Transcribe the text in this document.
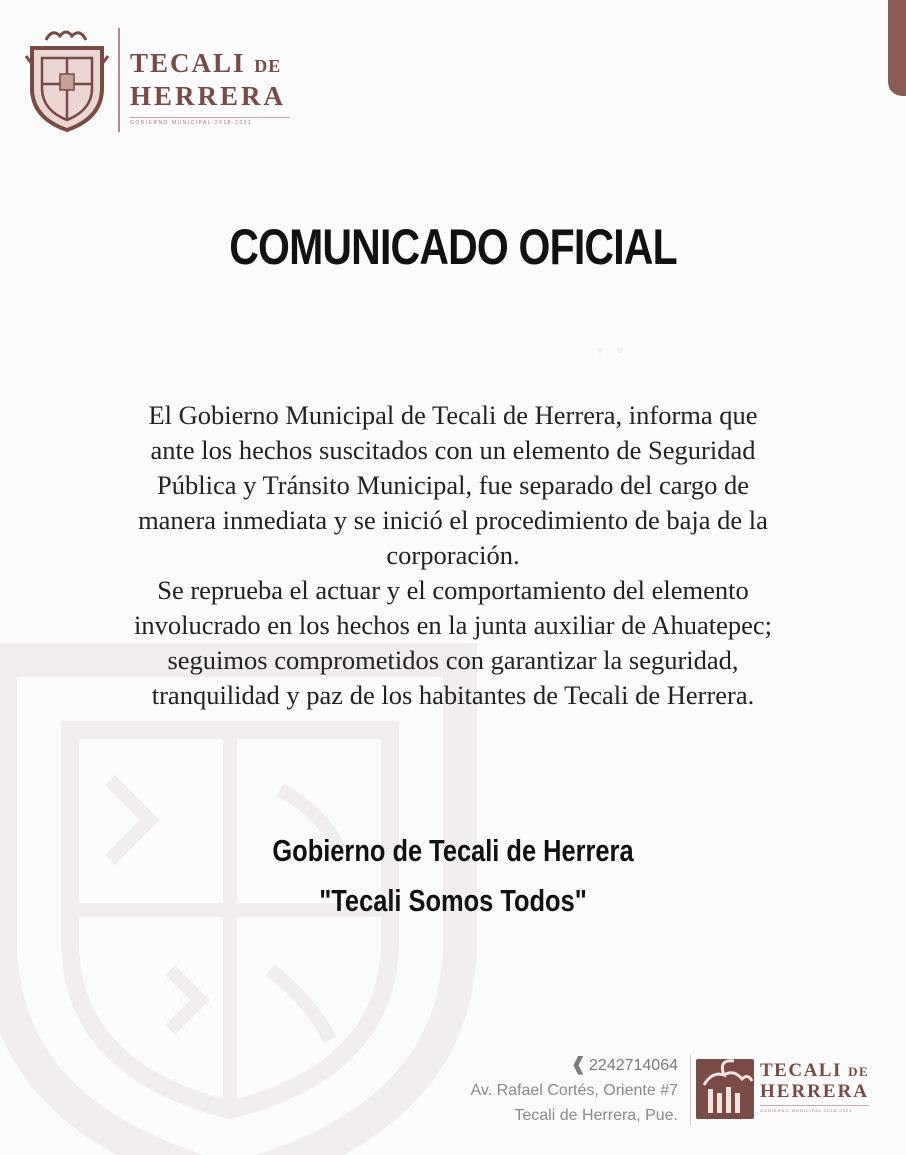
TECALI DE
HERRERA
GOBIERNO MUNICIPAL 2018-2021
COMUNICADO OFICIAL

El Gobierno Municipal de Tecali de Herrera, informa que

ante los hechos suscitados con un elemento de Seguridad

Pública y Tránsito Municipal, fue separado del cargo de

manera inmediata y se inició el procedimiento de baja de la

corporación.

Se reprueba el actuar y el comportamiento del elemento

involucrado en los hechos en la junta auxiliar de Ahuatepec;

seguimos comprometidos con garantizar la seguridad,

tranquilidad y paz de los habitantes de Tecali de Herrera.

Gobierno de Tecali de Herrera
"Tecali Somos Todos"
❰ 2242714064
Av. Rafael Cortés, Oriente #7
Tecali de Herrera, Pue.
TECALI DE
HERRERA
GOBIERNO MUNICIPAL 2018-2021
